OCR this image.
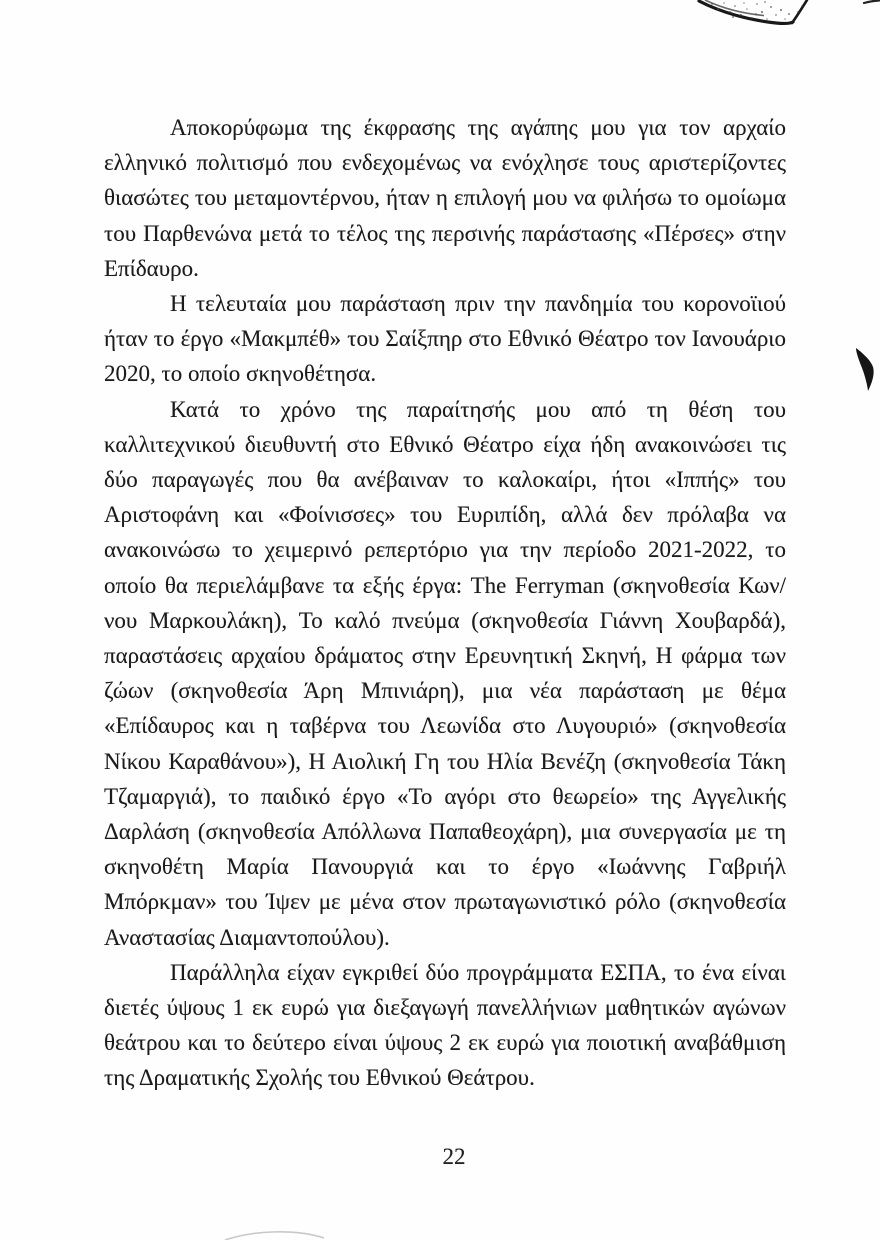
Αποκορύφωμα της έκφρασης της αγάπης μου για τον αρχαίο ελληνικό πολιτισμό που ενδεχομένως να ενόχλησε τους αριστερίζοντες θιασώτες του μεταμοντέρνου, ήταν η επιλογή μου να φιλήσω το ομοίωμα του Παρθενώνα μετά το τέλος της περσινής παράστασης «Πέρσες» στην Επίδαυρο.

Η τελευταία μου παράσταση πριν την πανδημία του κορονοϊιού ήταν το έργο «Μακμπέθ» του Σαίξπηρ στο Εθνικό Θέατρο τον Ιανουάριο 2020, το οποίο σκηνοθέτησα.

Κατά το χρόνο της παραίτησής μου από τη θέση του καλλιτεχνικού διευθυντή στο Εθνικό Θέατρο είχα ήδη ανακοινώσει τις δύο παραγωγές που θα ανέβαιναν το καλοκαίρι, ήτοι «Ιππής» του Αριστοφάνη και «Φοίνισσες» του Ευριπίδη, αλλά δεν πρόλαβα να ανακοινώσω το χειμερινό ρεπερτόριο για την περίοδο 2021-2022, το οποίο θα περιελάμβανε τα εξής έργα: The Ferryman (σκηνοθεσία Κων/νου Μαρκουλάκη), Το καλό πνεύμα (σκηνοθεσία Γιάννη Χουβαρδά), παραστάσεις αρχαίου δράματος στην Ερευνητική Σκηνή, Η φάρμα των ζώων (σκηνοθεσία Άρη Μπινιάρη), μια νέα παράσταση με θέμα «Επίδαυρος και η ταβέρνα του Λεωνίδα στο Λυγουριό» (σκηνοθεσία Νίκου Καραθάνου»), Η Αιολική Γη του Ηλία Βενέζη (σκηνοθεσία Τάκη Τζαμαργιά), το παιδικό έργο «Το αγόρι στο θεωρείο» της Αγγελικής Δαρλάση (σκηνοθεσία Απόλλωνα Παπαθεοχάρη), μια συνεργασία με τη σκηνοθέτη Μαρία Πανουργιά και το έργο «Ιωάννης Γαβριήλ Μπόρκμαν» του Ίψεν με μένα στον πρωταγωνιστικό ρόλο (σκηνοθεσία Αναστασίας Διαμαντοπούλου).

Παράλληλα είχαν εγκριθεί δύο προγράμματα ΕΣΠΑ, το ένα είναι διετές ύψους 1 εκ ευρώ για διεξαγωγή πανελλήνιων μαθητικών αγώνων θεάτρου και το δεύτερο είναι ύψους 2 εκ ευρώ για ποιοτική αναβάθμιση της Δραματικής Σχολής του Εθνικού Θεάτρου.

22
